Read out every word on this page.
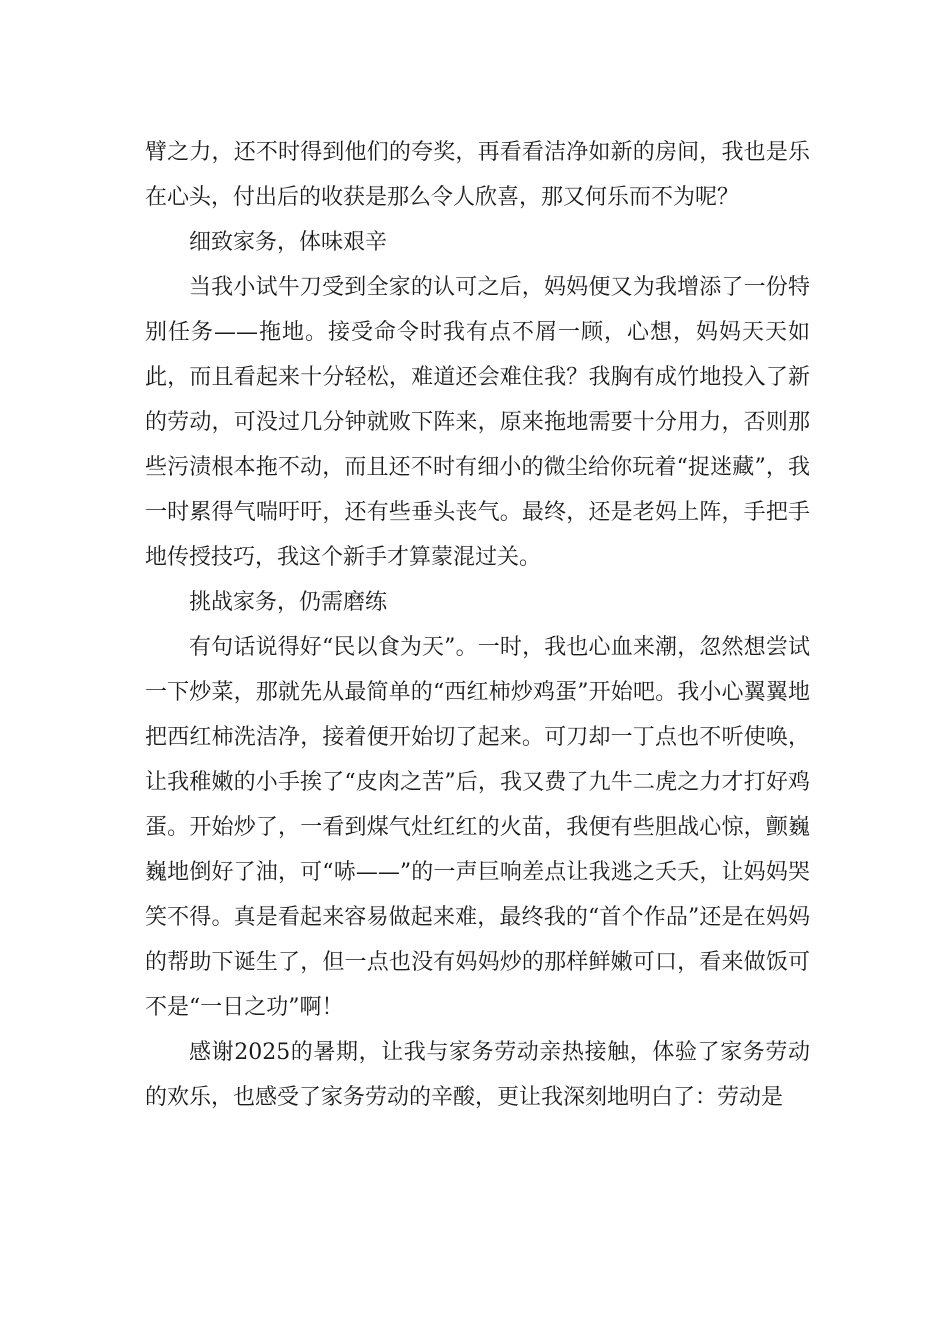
臂之力，还不时得到他们的夸奖，再看看洁净如新的房间，我也是乐在心头，付出后的收获是那么令人欣喜，那又何乐而不为呢？

细致家务，体味艰辛

当我小试牛刀受到全家的认可之后，妈妈便又为我增添了一份特别任务——拖地。接受命令时我有点不屑一顾，心想，妈妈天天如此，而且看起来十分轻松，难道还会难住我？我胸有成竹地投入了新的劳动，可没过几分钟就败下阵来，原来拖地需要十分用力，否则那些污渍根本拖不动，而且还不时有细小的微尘给你玩着“捉迷藏”，我一时累得气喘吁吁，还有些垂头丧气。最终，还是老妈上阵，手把手地传授技巧，我这个新手才算蒙混过关。

挑战家务，仍需磨练

有句话说得好“民以食为天”。一时，我也心血来潮，忽然想尝试一下炒菜，那就先从最简单的“西红柿炒鸡蛋”开始吧。我小心翼翼地把西红柿洗洁净，接着便开始切了起来。可刀却一丁点也不听使唤，让我稚嫩的小手挨了“皮肉之苦”后，我又费了九牛二虎之力才打好鸡蛋。开始炒了，一看到煤气灶红红的火苗，我便有些胆战心惊，颤巍巍地倒好了油，可“哧——”的一声巨响差点让我逃之夭夭，让妈妈哭笑不得。真是看起来容易做起来难，最终我的“首个作品”还是在妈妈的帮助下诞生了，但一点也没有妈妈炒的那样鲜嫩可口，看来做饭可不是“一日之功”啊！

感谢2025的暑期，让我与家务劳动亲热接触，体验了家务劳动的欢乐，也感受了家务劳动的辛酸，更让我深刻地明白了：劳动是
